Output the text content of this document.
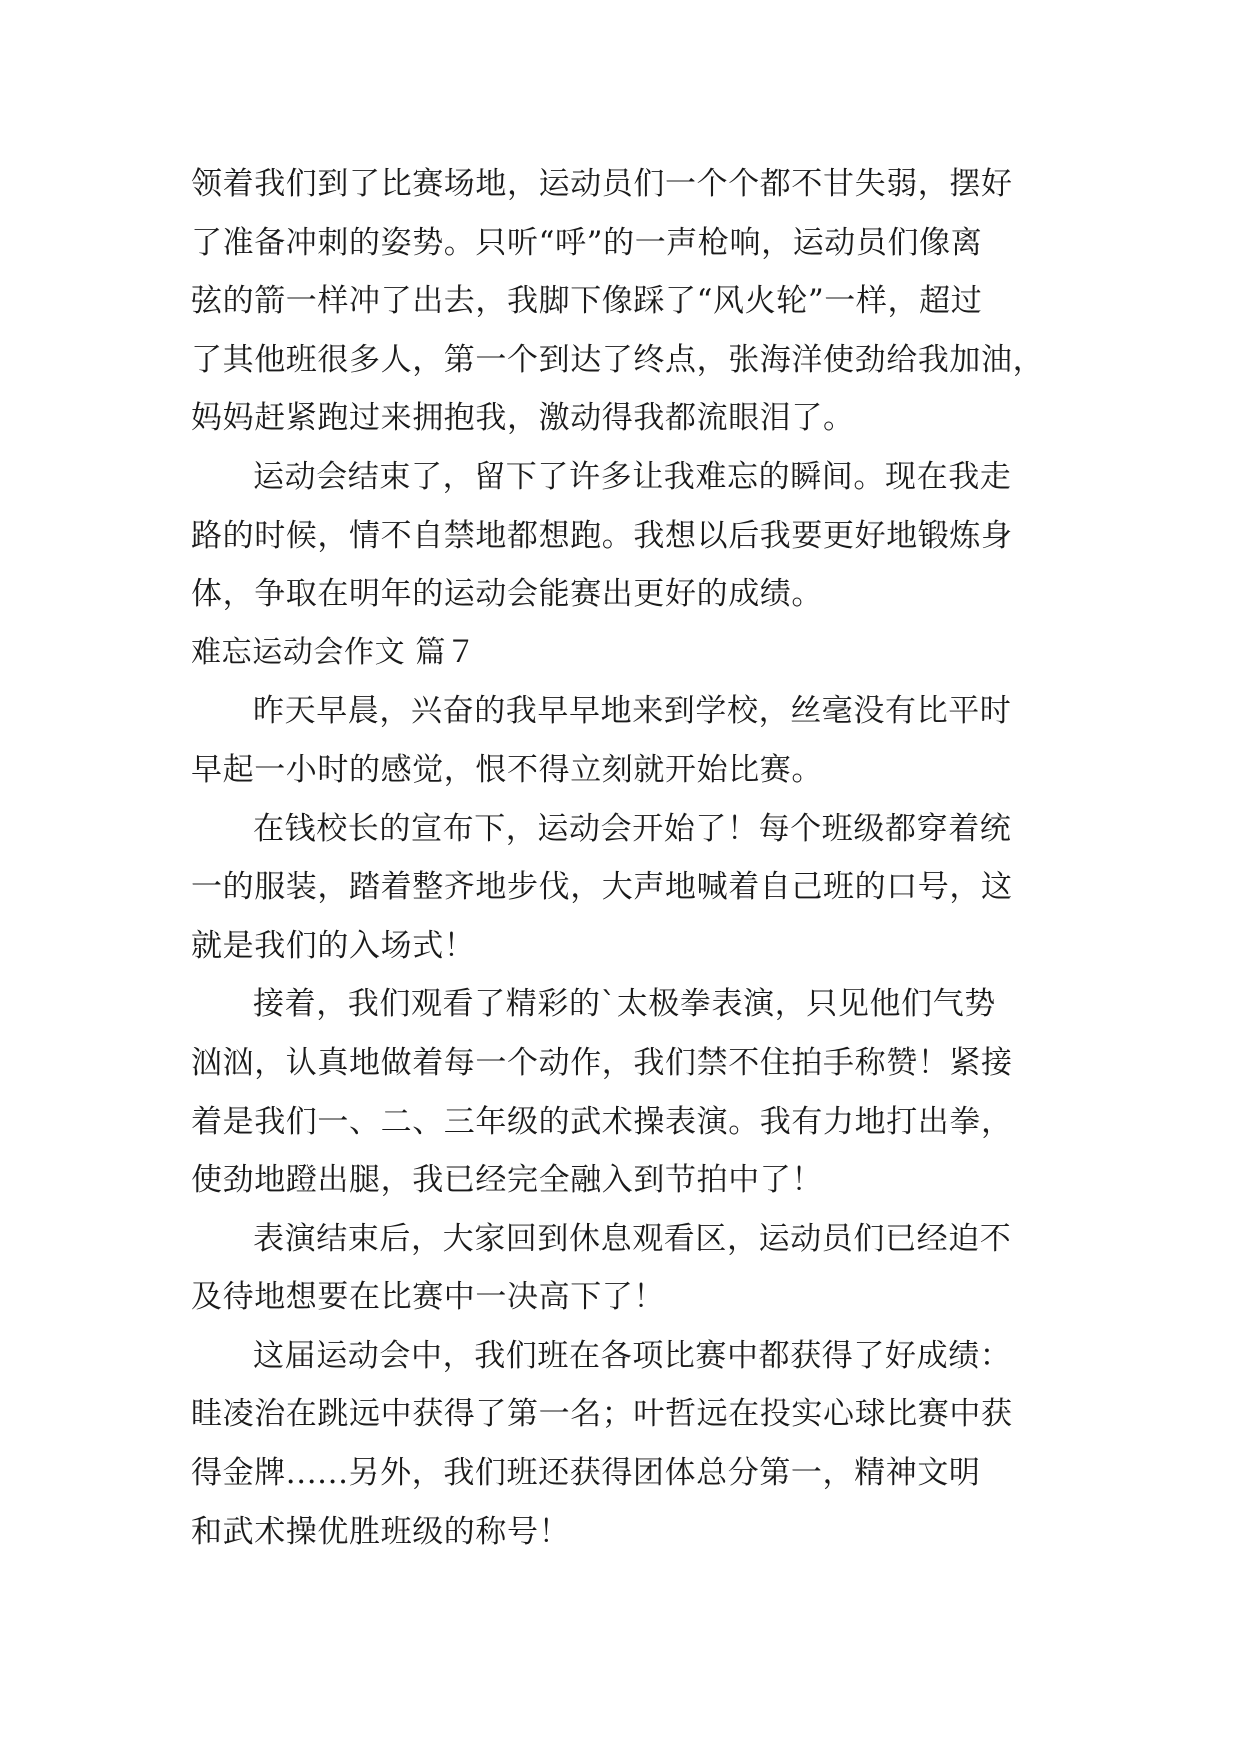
领着我们到了比赛场地，运动员们一个个都不甘失弱，摆好
了准备冲刺的姿势。只听“呼”的一声枪响，运动员们像离
弦的箭一样冲了出去，我脚下像踩了“风火轮”一样，超过
了其他班很多人，第一个到达了终点，张海洋使劲给我加油，
妈妈赶紧跑过来拥抱我，激动得我都流眼泪了。
运动会结束了，留下了许多让我难忘的瞬间。现在我走
路的时候，情不自禁地都想跑。我想以后我要更好地锻炼身
体，争取在明年的运动会能赛出更好的成绩。
难忘运动会作文 篇７
昨天早晨，兴奋的我早早地来到学校，丝毫没有比平时
早起一小时的感觉，恨不得立刻就开始比赛。
在钱校长的宣布下，运动会开始了！每个班级都穿着统
一的服装，踏着整齐地步伐，大声地喊着自己班的口号，这
就是我们的入场式！
接着，我们观看了精彩的`太极拳表演，只见他们气势
汹汹，认真地做着每一个动作，我们禁不住拍手称赞！紧接
着是我们一、二、三年级的武术操表演。我有力地打出拳，
使劲地蹬出腿，我已经完全融入到节拍中了！
表演结束后，大家回到休息观看区，运动员们已经迫不
及待地想要在比赛中一决高下了！
这届运动会中，我们班在各项比赛中都获得了好成绩：
眭凌治在跳远中获得了第一名；叶哲远在投实心球比赛中获
得金牌......另外，我们班还获得团体总分第一，精神文明
和武术操优胜班级的称号！
